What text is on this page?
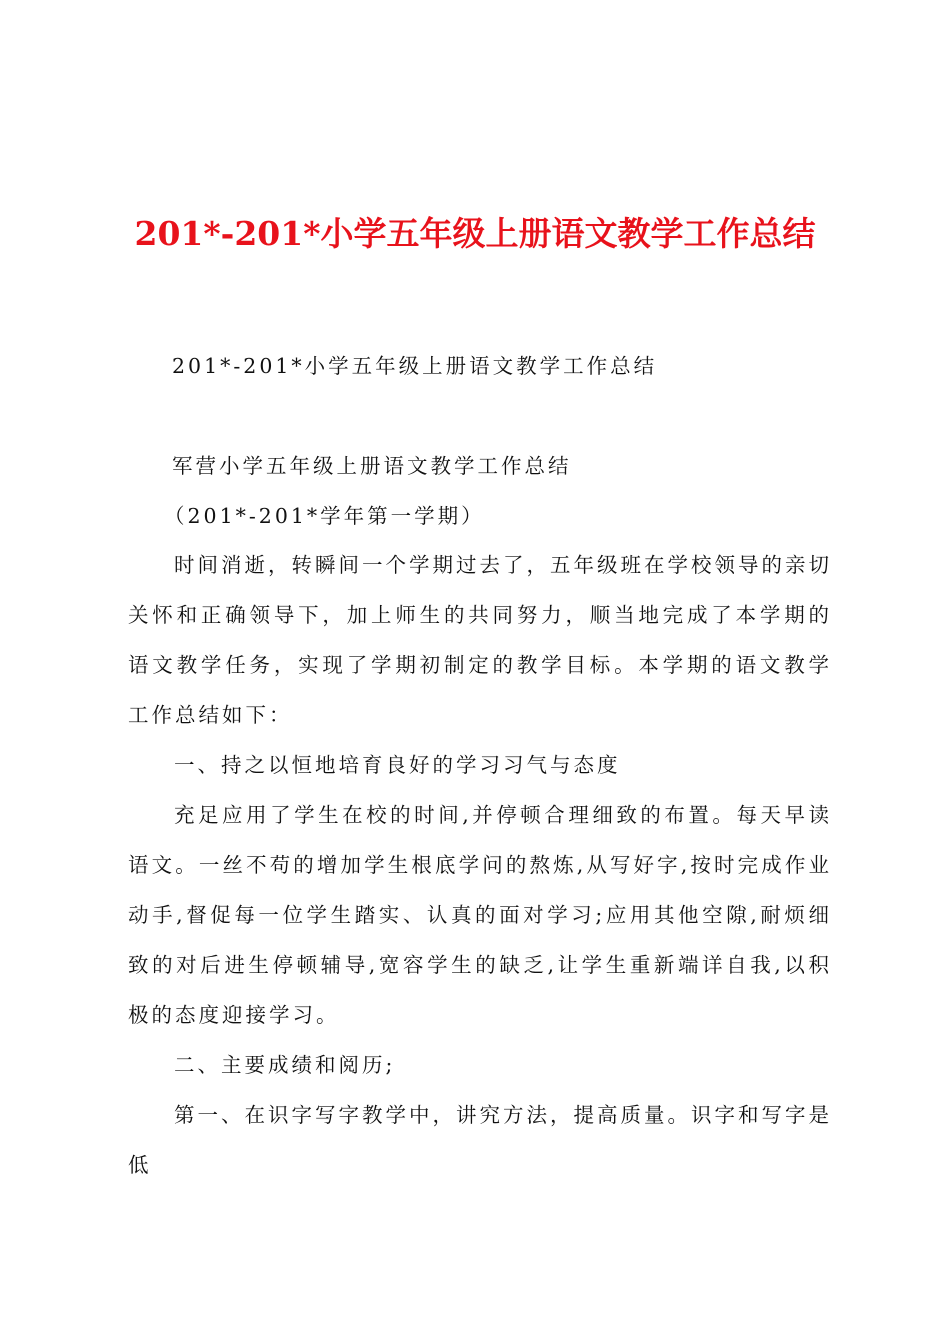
201*-201*小学五年级上册语文教学工作总结
201*-201*小学五年级上册语文教学工作总结
军营小学五年级上册语文教学工作总结
（201*-201*学年第一学期）
时间消逝，转瞬间一个学期过去了，五年级班在学校领导的亲切关怀和正确领导下，加上师生的共同努力，顺当地完成了本学期的语文教学任务，实现了学期初制定的教学目标。本学期的语文教学工作总结如下：
一、持之以恒地培育良好的学习习气与态度
充足应用了学生在校的时间,并停顿合理细致的布置。每天早读语文。一丝不苟的增加学生根底学问的熬炼,从写好字,按时完成作业动手,督促每一位学生踏实、认真的面对学习;应用其他空隙,耐烦细致的对后进生停顿辅导,宽容学生的缺乏,让学生重新端详自我,以积极的态度迎接学习。
二、主要成绩和阅历;
第一、在识字写字教学中，讲究方法，提高质量。识字和写字是低
